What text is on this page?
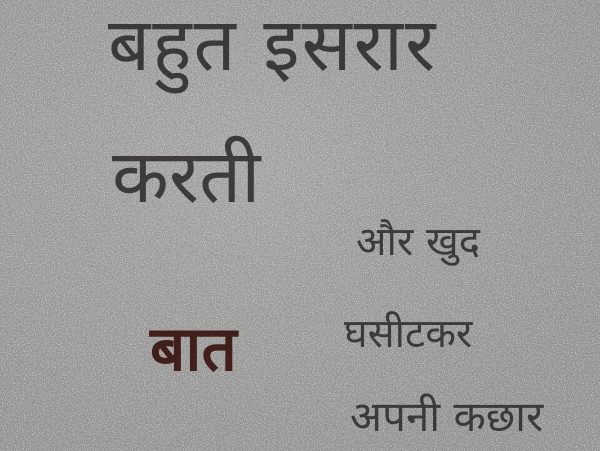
बहुत इसरार
करती
और खुद
बात	घसीटकर
अपनी कछार
